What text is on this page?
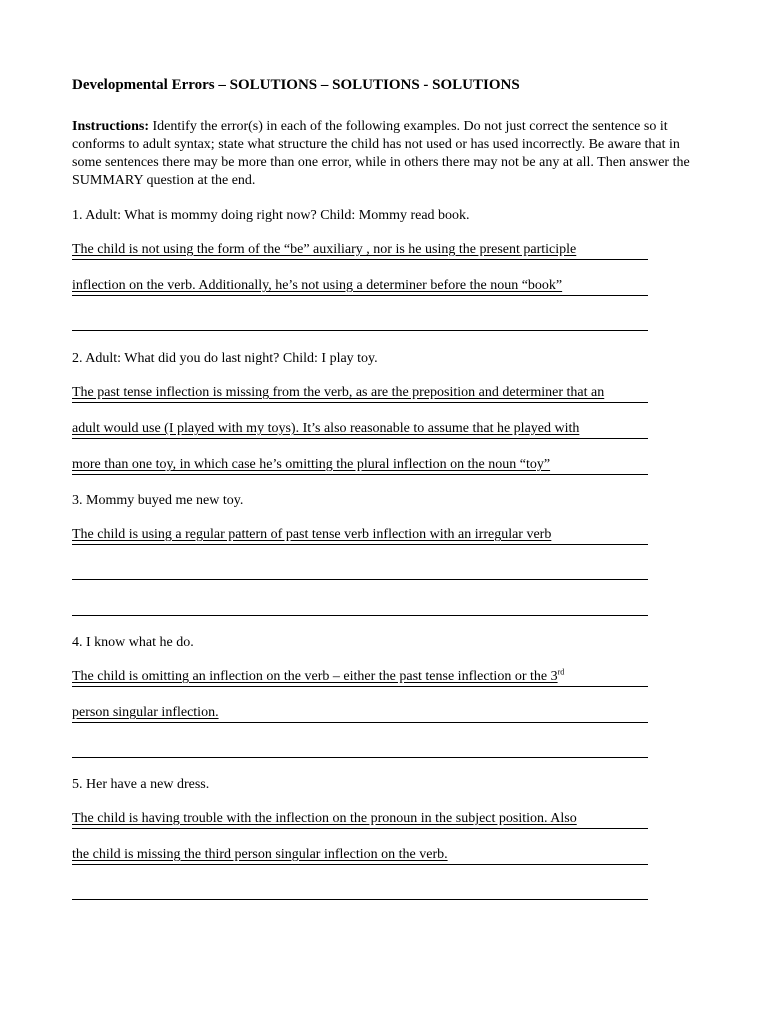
Developmental Errors – SOLUTIONS – SOLUTIONS - SOLUTIONS
Instructions: Identify the error(s) in each of the following examples. Do not just correct the sentence so it conforms to adult syntax; state what structure the child has not used or has used incorrectly. Be aware that in some sentences there may be more than one error, while in others there may not be any at all. Then answer the SUMMARY question at the end.
1. Adult: What is mommy doing right now? Child: Mommy read book.
The child is not using the form of the “be” auxiliary , nor is he using the present participle
inflection on the verb. Additionally, he’s not using a determiner before the noun “book”
2. Adult: What did you do last night? Child: I play toy.
The past tense inflection is missing from the verb, as are the preposition and determiner that an
adult would use (I played with my toys). It’s also reasonable to assume that he played with
more than one toy, in which case he’s omitting the plural inflection on the noun “toy”
3. Mommy buyed me new toy.
The child is using a regular pattern of past tense verb inflection with an irregular verb
4. I know what he do.
The child is omitting an inflection on the verb – either the past tense inflection or the 3rd
person singular inflection.
5. Her have a new dress.
The child is having trouble with the inflection on the pronoun in the subject position. Also
the child is missing the third person singular inflection on the verb.
